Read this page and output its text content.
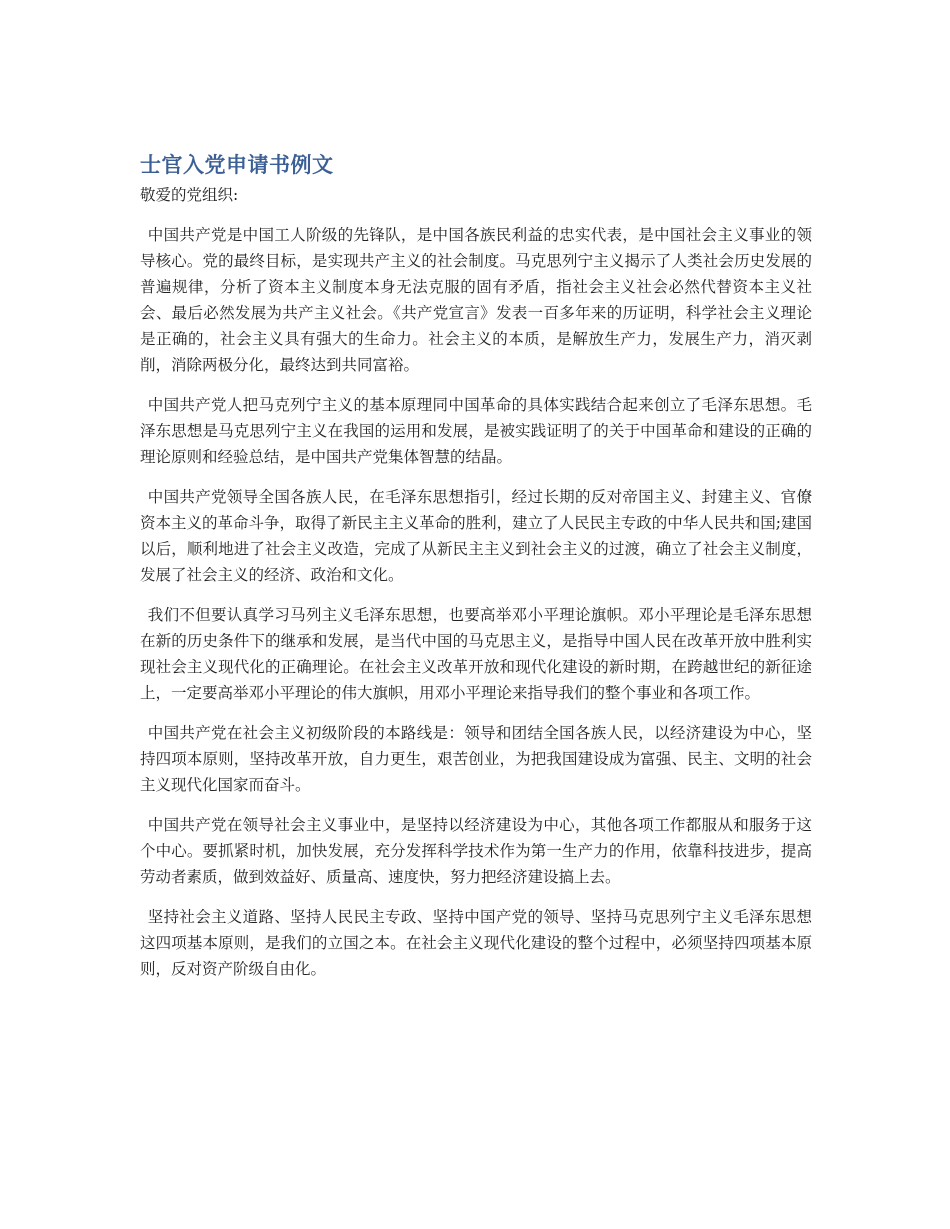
士官入党申请书例文
敬爱的党组织:

中国共产党是中国工人阶级的先锋队，是中国各族民利益的忠实代表，是中国社会主义事业的领导核心。党的最终目标，是实现共产主义的社会制度。马克思列宁主义揭示了人类社会历史发展的普遍规律，分析了资本主义制度本身无法克服的固有矛盾，指社会主义社会必然代替资本主义社会、最后必然发展为共产主义社会。《共产党宣言》发表一百多年来的历证明，科学社会主义理论是正确的，社会主义具有强大的生命力。社会主义的本质，是解放生产力，发展生产力，消灭剥削，消除两极分化，最终达到共同富裕。

中国共产党人把马克列宁主义的基本原理同中国革命的具体实践结合起来创立了毛泽东思想。毛泽东思想是马克思列宁主义在我国的运用和发展，是被实践证明了的关于中国革命和建设的正确的理论原则和经验总结，是中国共产党集体智慧的结晶。

中国共产党领导全国各族人民，在毛泽东思想指引，经过长期的反对帝国主义、封建主义、官僚资本主义的革命斗争，取得了新民主主义革命的胜利，建立了人民民主专政的中华人民共和国;建国以后，顺利地进了社会主义改造，完成了从新民主主义到社会主义的过渡，确立了社会主义制度，发展了社会主义的经济、政治和文化。

我们不但要认真学习马列主义毛泽东思想，也要高举邓小平理论旗帜。邓小平理论是毛泽东思想在新的历史条件下的继承和发展，是当代中国的马克思主义，是指导中国人民在改革开放中胜利实现社会主义现代化的正确理论。在社会主义改革开放和现代化建设的新时期，在跨越世纪的新征途上，一定要高举邓小平理论的伟大旗帜，用邓小平理论来指导我们的整个事业和各项工作。

中国共产党在社会主义初级阶段的本路线是：领导和团结全国各族人民，以经济建设为中心，坚持四项本原则，坚持改革开放，自力更生，艰苦创业，为把我国建设成为富强、民主、文明的社会主义现代化国家而奋斗。

中国共产党在领导社会主义事业中，是坚持以经济建设为中心，其他各项工作都服从和服务于这个中心。要抓紧时机，加快发展，充分发挥科学技术作为第一生产力的作用，依靠科技进步，提高劳动者素质，做到效益好、质量高、速度快，努力把经济建设搞上去。

坚持社会主义道路、坚持人民民主专政、坚持中国产党的领导、坚持马克思列宁主义毛泽东思想这四项基本原则，是我们的立国之本。在社会主义现代化建设的整个过程中，必须坚持四项基本原则，反对资产阶级自由化。
